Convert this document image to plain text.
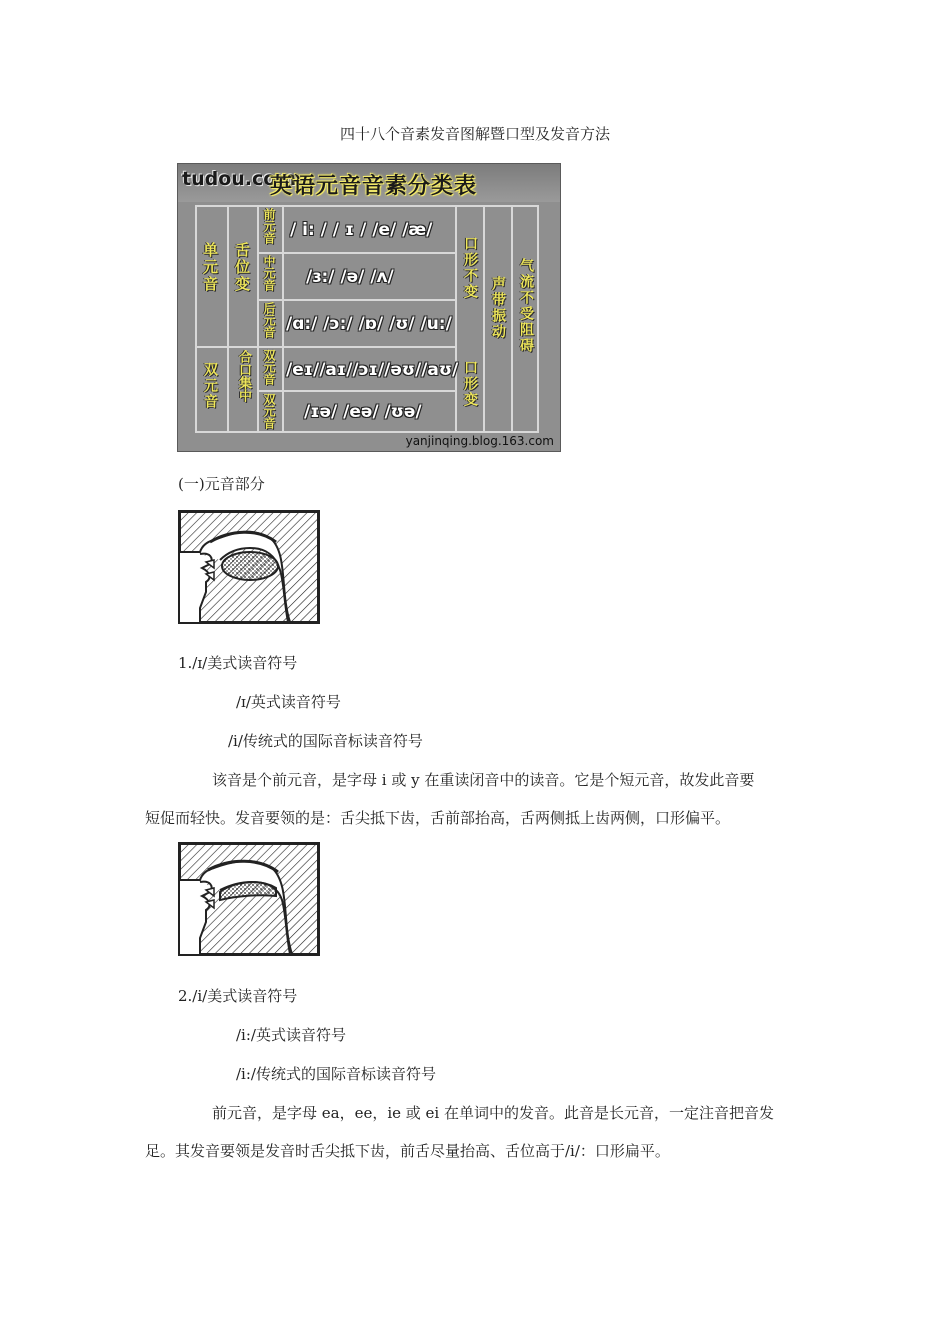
四十八个音素发音图解暨口型及发音方法
tudou.com
英语元音音素分类表
单元音 舌位变
双元音 合口集中
前元音
中元音
后元音
双元音
双元音
/ i: / / ɪ / /e/ /æ/
/ɜ:/ /ə/ /ʌ/
/ɑ:/ /ɔ:/ /ɒ/ /ʊ/ /u:/
/eɪ//aɪ//ɔɪ//əʊ//aʊ/
/ɪə/ /eə/ /ʊə/
口形不变
口形变
声带振动 气流不受阻碍
yanjinqing.blog.163.com
(一)元音部分
1./ɪ/美式读音符号
/ɪ/英式读音符号
/i/传统式的国际音标读音符号
该音是个前元音，是字母 i 或 y 在重读闭音中的读音。它是个短元音，故发此音要
短促而轻快。发音要领的是：舌尖抵下齿，舌前部抬高，舌两侧抵上齿两侧，口形偏平。
2./i/美式读音符号
/i:/英式读音符号
/i:/传统式的国际音标读音符号
前元音，是字母 ea，ee，ie 或 ei 在单词中的发音。此音是长元音，一定注音把音发
足。其发音要领是发音时舌尖抵下齿，前舌尽量抬高、舌位高于/i/：口形扁平。
